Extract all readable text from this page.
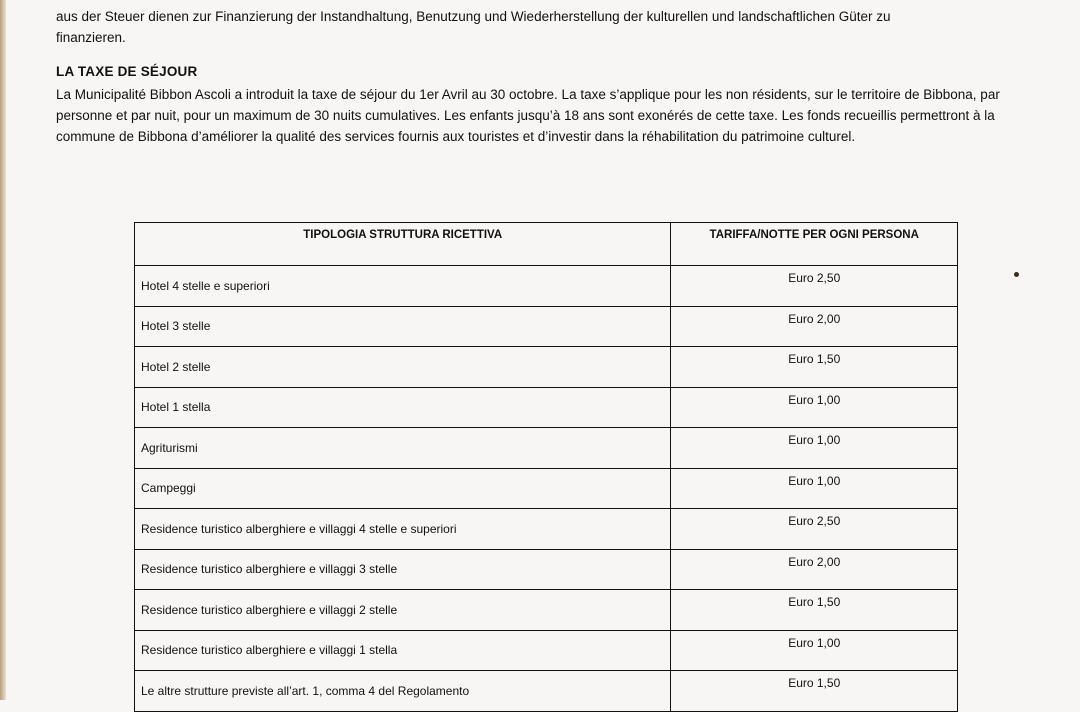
aus der Steuer dienen zur Finanzierung der Instandhaltung, Benutzung und Wiederherstellung der kulturellen und landschaftlichen Güter zu
finanzieren.
LA TAXE DE SÉJOUR
La Municipalité Bibbon Ascoli a introduit la taxe de séjour du 1er Avril au 30 octobre. La taxe s’applique pour les non résidents, sur le territoire de Bibbona, par personne et par nuit, pour un maximum de 30 nuits cumulatives. Les enfants jusqu’à 18 ans sont exonérés de cette taxe. Les fonds recueillis permettront à la commune de Bibbona d’améliorer la qualité des services fournis aux touristes et d’investir dans la réhabilitation du patrimoine culturel.
TIPOLOGIA STRUTTURA RICETTIVA	TARIFFA/NOTTE PER OGNI PERSONA
Hotel 4 stelle e superiori	Euro 2,50
Hotel 3 stelle	Euro 2,00
Hotel 2 stelle	Euro 1,50
Hotel 1 stella	Euro 1,00
Agriturismi	Euro 1,00
Campeggi	Euro 1,00
Residence turistico alberghiere e villaggi 4 stelle e superiori	Euro 2,50
Residence turistico alberghiere e villaggi 3 stelle	Euro 2,00
Residence turistico alberghiere e villaggi 2 stelle	Euro 1,50
Residence turistico alberghiere e villaggi 1 stella	Euro 1,00
Le altre strutture previste all’art. 1, comma 4 del Regolamento	Euro 1,50
